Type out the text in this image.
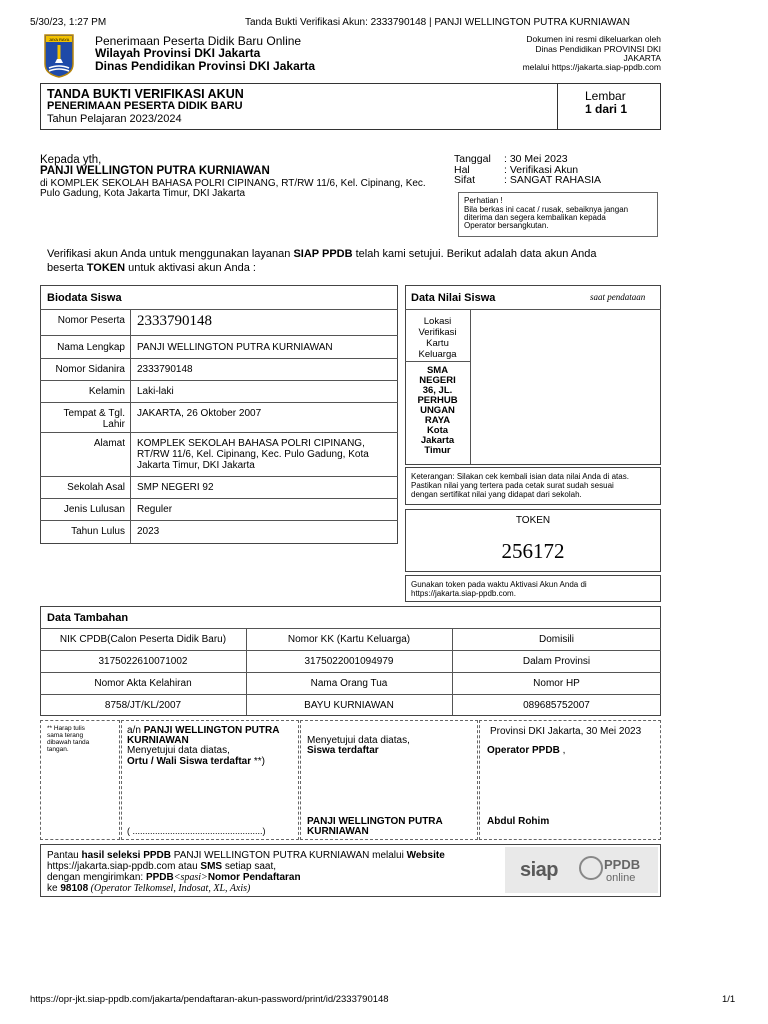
5/30/23, 1:27 PM	Tanda Bukti Verifikasi Akun: 2333790148 | PANJI WELLINGTON PUTRA KURNIAWAN
JAYA RAYA Penerimaan Peserta Didik Baru Online
Wilayah Provinsi DKI Jakarta
Dinas Pendidikan Provinsi DKI Jakarta
Dokumen ini resmi dikeluarkan oleh
Dinas Pendidikan PROVINSI DKI
JAKARTA
melalui https://jakarta.siap-ppdb.com
TANDA BUKTI VERIFIKASI AKUN
PENERIMAAN PESERTA DIDIK BARU
Tahun Pelajaran 2023/2024
Lembar
1 dari 1
Kepada yth,
PANJI WELLINGTON PUTRA KURNIAWAN
di KOMPLEK SEKOLAH BAHASA POLRI CIPINANG, RT/RW 11/6, Kel. Cipinang, Kec.
Pulo Gadung, Kota Jakarta Timur, DKI Jakarta
Tanggal : 30 Mei 2023
Hal	: Verifikasi Akun
Sifat	: SANGAT RAHASIA
Perhatian !
Bila berkas ini cacat / rusak, sebaiknya jangan
diterima dan segera kembalikan kepada
Operator bersangkutan.
Verifikasi akun Anda untuk menggunakan layanan SIAP PPDB telah kami setujui. Berikut adalah data akun Anda
beserta TOKEN untuk aktivasi akun Anda :
Biodata Siswa
Nomor Peserta 2333790148
Nama Lengkap PANJI WELLINGTON PUTRA KURNIAWAN
Nomor Sidanira 2333790148
Kelamin Laki-laki
Tempat & Tgl.
Lahir
JAKARTA, 26 Oktober 2007
Alamat KOMPLEK SEKOLAH BAHASA POLRI CIPINANG,
RT/RW 11/6, Kel. Cipinang, Kec. Pulo Gadung, Kota
Jakarta Timur, DKI Jakarta
Sekolah Asal SMP NEGERI 92
Jenis Lulusan Reguler
Tahun Lulus 2023
Data Nilai Siswa	saat pendataan
Lokasi
Verifikasi
Kartu
Keluarga
SMA
NEGERI
36, JL.
PERHUB
UNGAN
RAYA
Kota
Jakarta
Timur
Keterangan: Silakan cek kembali isian data nilai Anda di atas.
Pastikan nilai yang tertera pada cetak surat sudah sesuai
dengan sertifikat nilai yang didapat dari sekolah.
TOKEN
256172
Gunakan token pada waktu Aktivasi Akun Anda di
https://jakarta.siap-ppdb.com.
Data Tambahan
NIK CPDB(Calon Peserta Didik Baru)	Nomor KK (Kartu Keluarga)	Domisili
3175022610071002	3175022001094979	Dalam Provinsi
Nomor Akta Kelahiran	Nama Orang Tua	Nomor HP
8758/JT/KL/2007	BAYU KURNIAWAN	089685752007
** Harap tulis
sama terang
dibawah tanda
tangan.
a/n PANJI WELLINGTON PUTRA
KURNIAWAN
Menyetujui data diatas,
Ortu / Wali Siswa terdaftar **)
( ....................................................)
Menyetujui data diatas,
Siswa terdaftar
PANJI WELLINGTON PUTRA
KURNIAWAN
Provinsi DKI Jakarta, 30 Mei 2023
Operator PPDB ,
Abdul Rohim
Pantau hasil seleksi PPDB PANJI WELLINGTON PUTRA KURNIAWAN melalui Website
https://jakarta.siap-ppdb.com atau SMS setiap saat,
dengan mengirimkan: PPDB<spasi>Nomor Pendaftaran
ke 98108 (Operator Telkomsel, Indosat, XL, Axis)
siap	PPDB
online
https://opr-jkt.siap-ppdb.com/jakarta/pendaftaran-akun-password/print/id/2333790148	1/1
